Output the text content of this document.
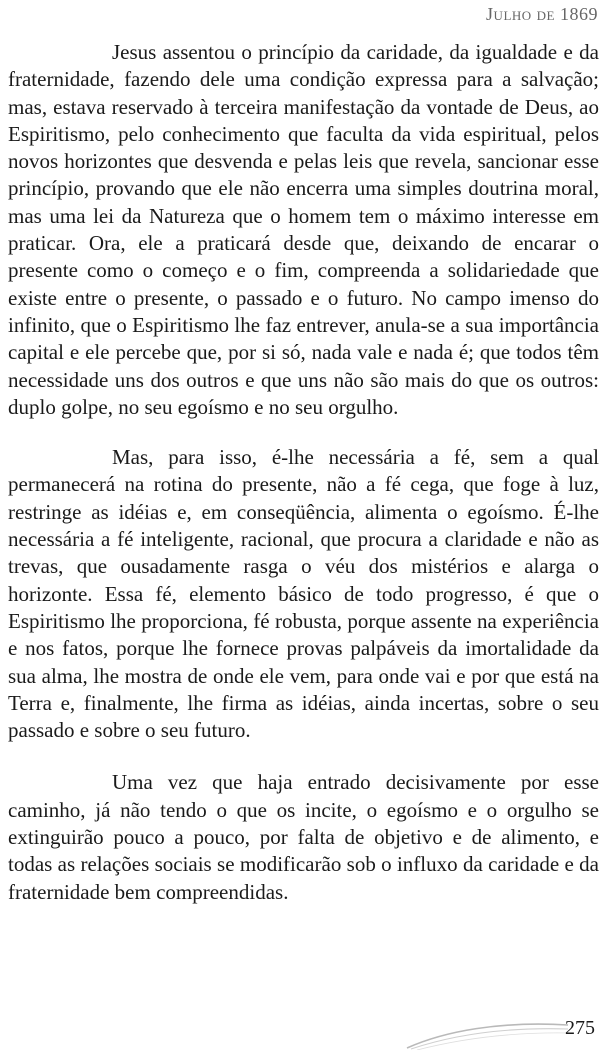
Julho de 1869

Jesus assentou o princípio da caridade, da igualdade e da fraternidade, fazendo dele uma condição expressa para a salvação; mas, estava reservado à terceira manifestação da vontade de Deus, ao Espiritismo, pelo conhecimento que faculta da vida espiritual, pelos novos horizontes que desvenda e pelas leis que revela, sancionar esse princípio, provando que ele não encerra uma simples doutrina moral, mas uma lei da Natureza que o homem tem o máximo interesse em praticar. Ora, ele a praticará desde que, deixando de encarar o presente como o começo e o fim, compreenda a solidariedade que existe entre o presente, o passado e o futuro. No campo imenso do infinito, que o Espiritismo lhe faz entrever, anula-se a sua importância capital e ele percebe que, por si só, nada vale e nada é; que todos têm necessidade uns dos outros e que uns não são mais do que os outros: duplo golpe, no seu egoísmo e no seu orgulho.

Mas, para isso, é-lhe necessária a fé, sem a qual permanecerá na rotina do presente, não a fé cega, que foge à luz, restringe as idéias e, em conseqüência, alimenta o egoísmo. É-lhe necessária a fé inteligente, racional, que procura a claridade e não as trevas, que ousadamente rasga o véu dos mistérios e alarga o horizonte. Essa fé, elemento básico de todo progresso, é que o Espiritismo lhe proporciona, fé robusta, porque assente na experiência e nos fatos, porque lhe fornece provas palpáveis da imortalidade da sua alma, lhe mostra de onde ele vem, para onde vai e por que está na Terra e, finalmente, lhe firma as idéias, ainda incertas, sobre o seu passado e sobre o seu futuro.

Uma vez que haja entrado decisivamente por esse caminho, já não tendo o que os incite, o egoísmo e o orgulho se extinguirão pouco a pouco, por falta de objetivo e de alimento, e todas as relações sociais se modificarão sob o influxo da caridade e da fraternidade bem compreendidas.

275
